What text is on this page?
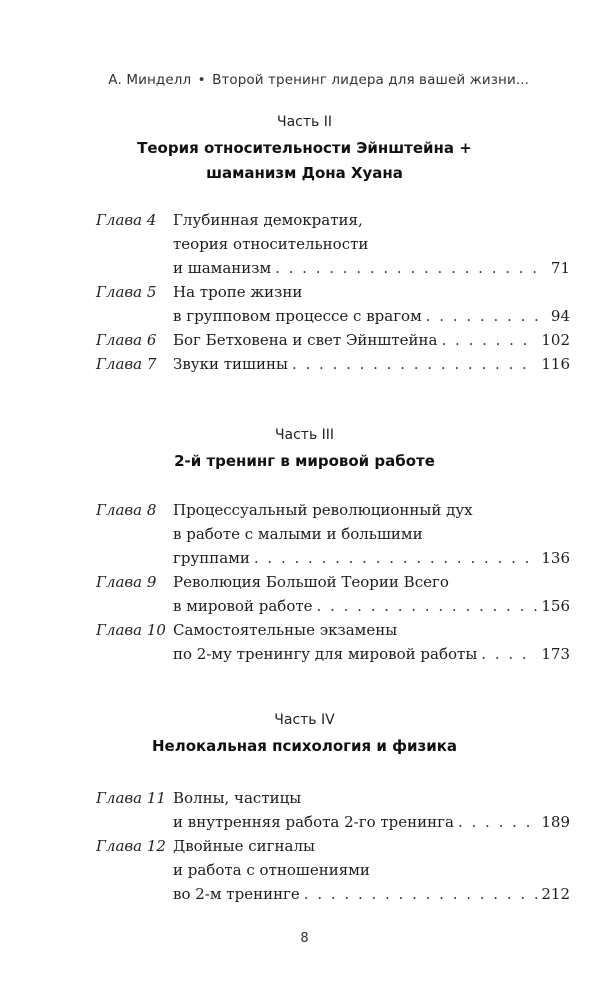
А. Минделл • Второй тренинг лидера для вашей жизни...
Часть II
Теория относительности Эйнштейна +
шаманизм Дона Хуана
Глава 4	Глубинная демократия,
теория относительности
и шаманизм . . .	71
Глава 5	На тропе жизни
в групповом процессе с врагом . . .	94
Глава 6	Бог Бетховена и свет Эйнштейна . . .	102
Глава 7	Звуки тишины . . .	116
Часть III
2-й тренинг в мировой работе
Глава 8	Процессуальный революционный дух
в работе с малыми и большими
группами . . .	136
Глава 9	Революция Большой Теории Всего
в мировой работе . . .	156
Глава 10 Самостоятельные экзамены
по 2-му тренингу для мировой работы . . .	173
Часть IV
Нелокальная психология и физика
Глава 11 Волны, частицы
и внутренняя работа 2-го тренинга . . .	189
Глава 12 Двойные сигналы
и работа с отношениями
во 2-м тренинге . . .	212
8
